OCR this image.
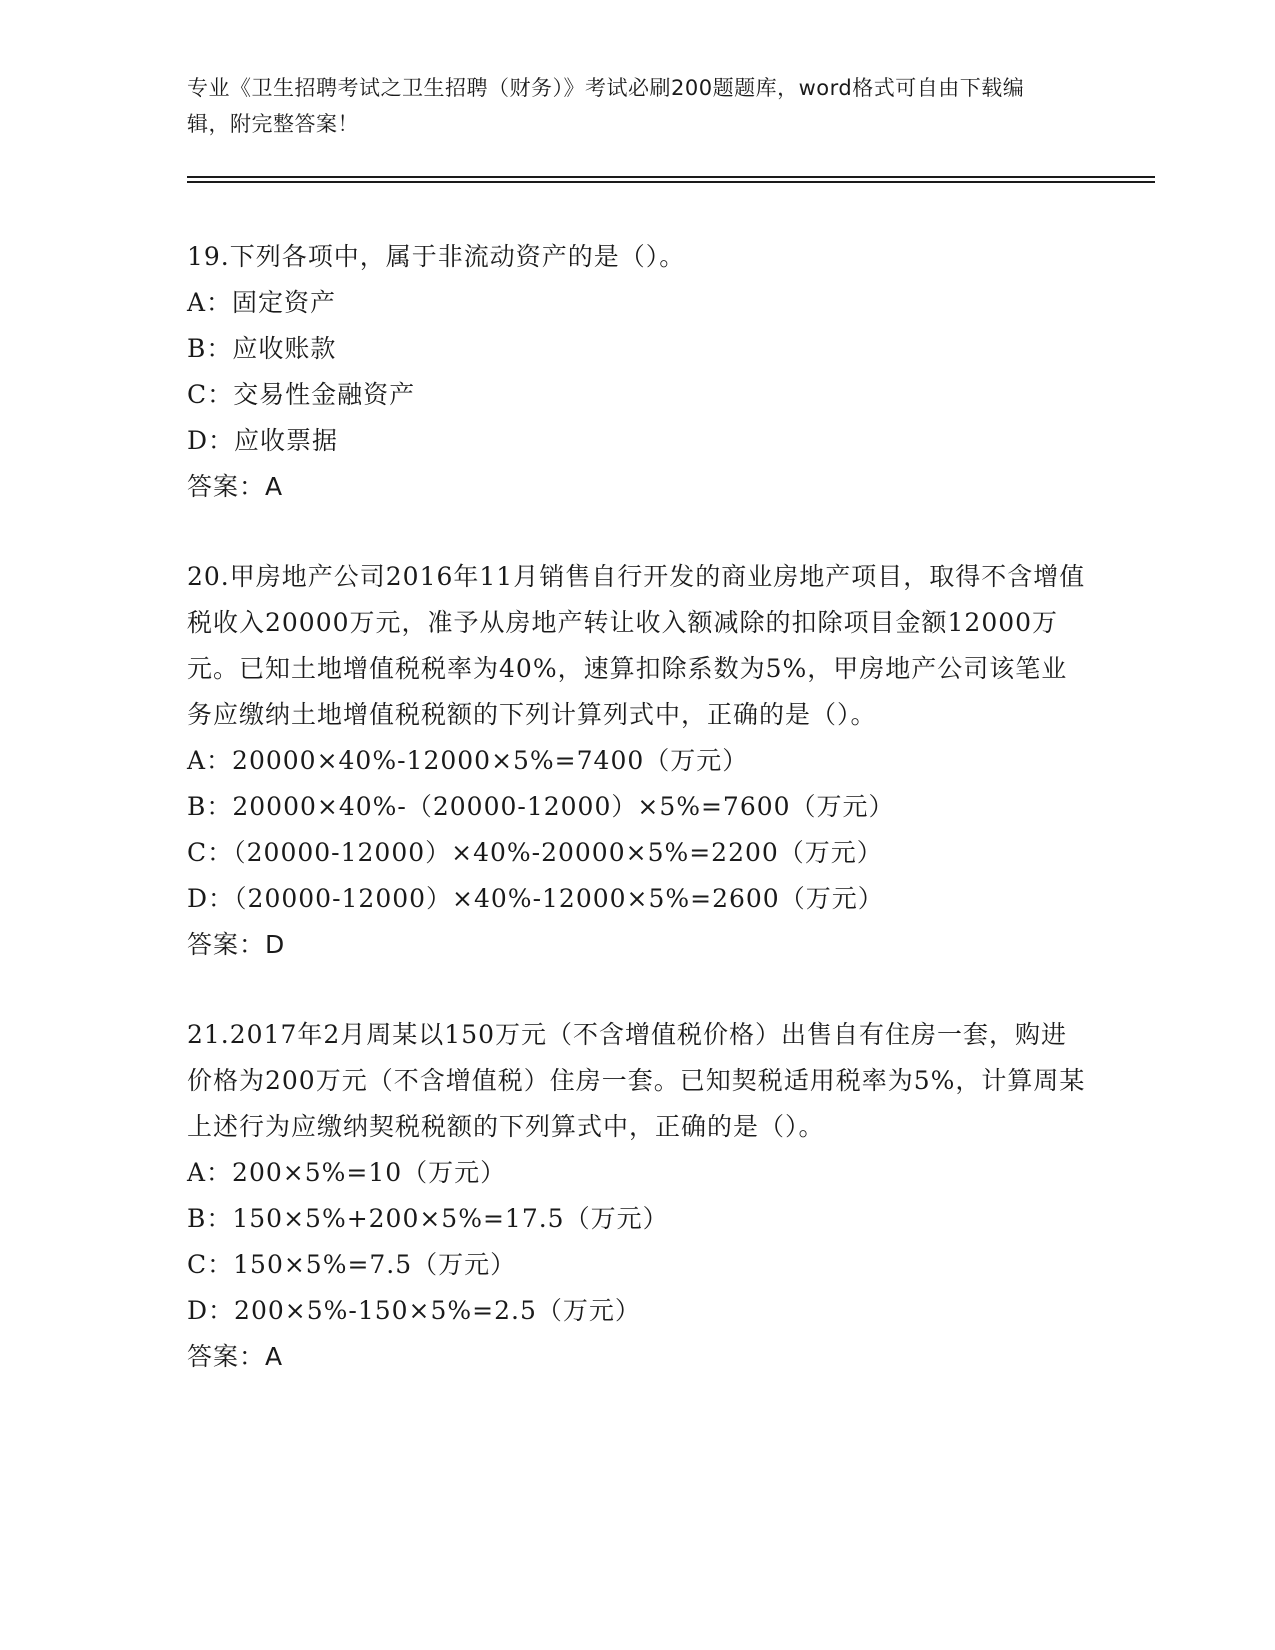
专业《卫生招聘考试之卫生招聘（财务）》考试必刷200题题库，word格式可自由下载编辑，附完整答案！

19.下列各项中，属于非流动资产的是（）。

A：固定资产

B：应收账款

C：交易性金融资产

D：应收票据

答案：A

20.甲房地产公司2016年11月销售自行开发的商业房地产项目，取得不含增值税收入20000万元，准予从房地产转让收入额减除的扣除项目金额12000万元。已知土地增值税税率为40%，速算扣除系数为5%，甲房地产公司该笔业务应缴纳土地增值税税额的下列计算列式中，正确的是（）。

A：20000×40%-12000×5%=7400（万元）

B：20000×40%-（20000-12000）×5%=7600（万元）

C：（20000-12000）×40%-20000×5%=2200（万元）

D：（20000-12000）×40%-12000×5%=2600（万元）

答案：D

21.2017年2月周某以150万元（不含增值税价格）出售自有住房一套，购进价格为200万元（不含增值税）住房一套。已知契税适用税率为5%，计算周某上述行为应缴纳契税税额的下列算式中，正确的是（）。

A：200×5%=10（万元）

B：150×5%+200×5%=17.5（万元）

C：150×5%=7.5（万元）

D：200×5%-150×5%=2.5（万元）

答案：A
